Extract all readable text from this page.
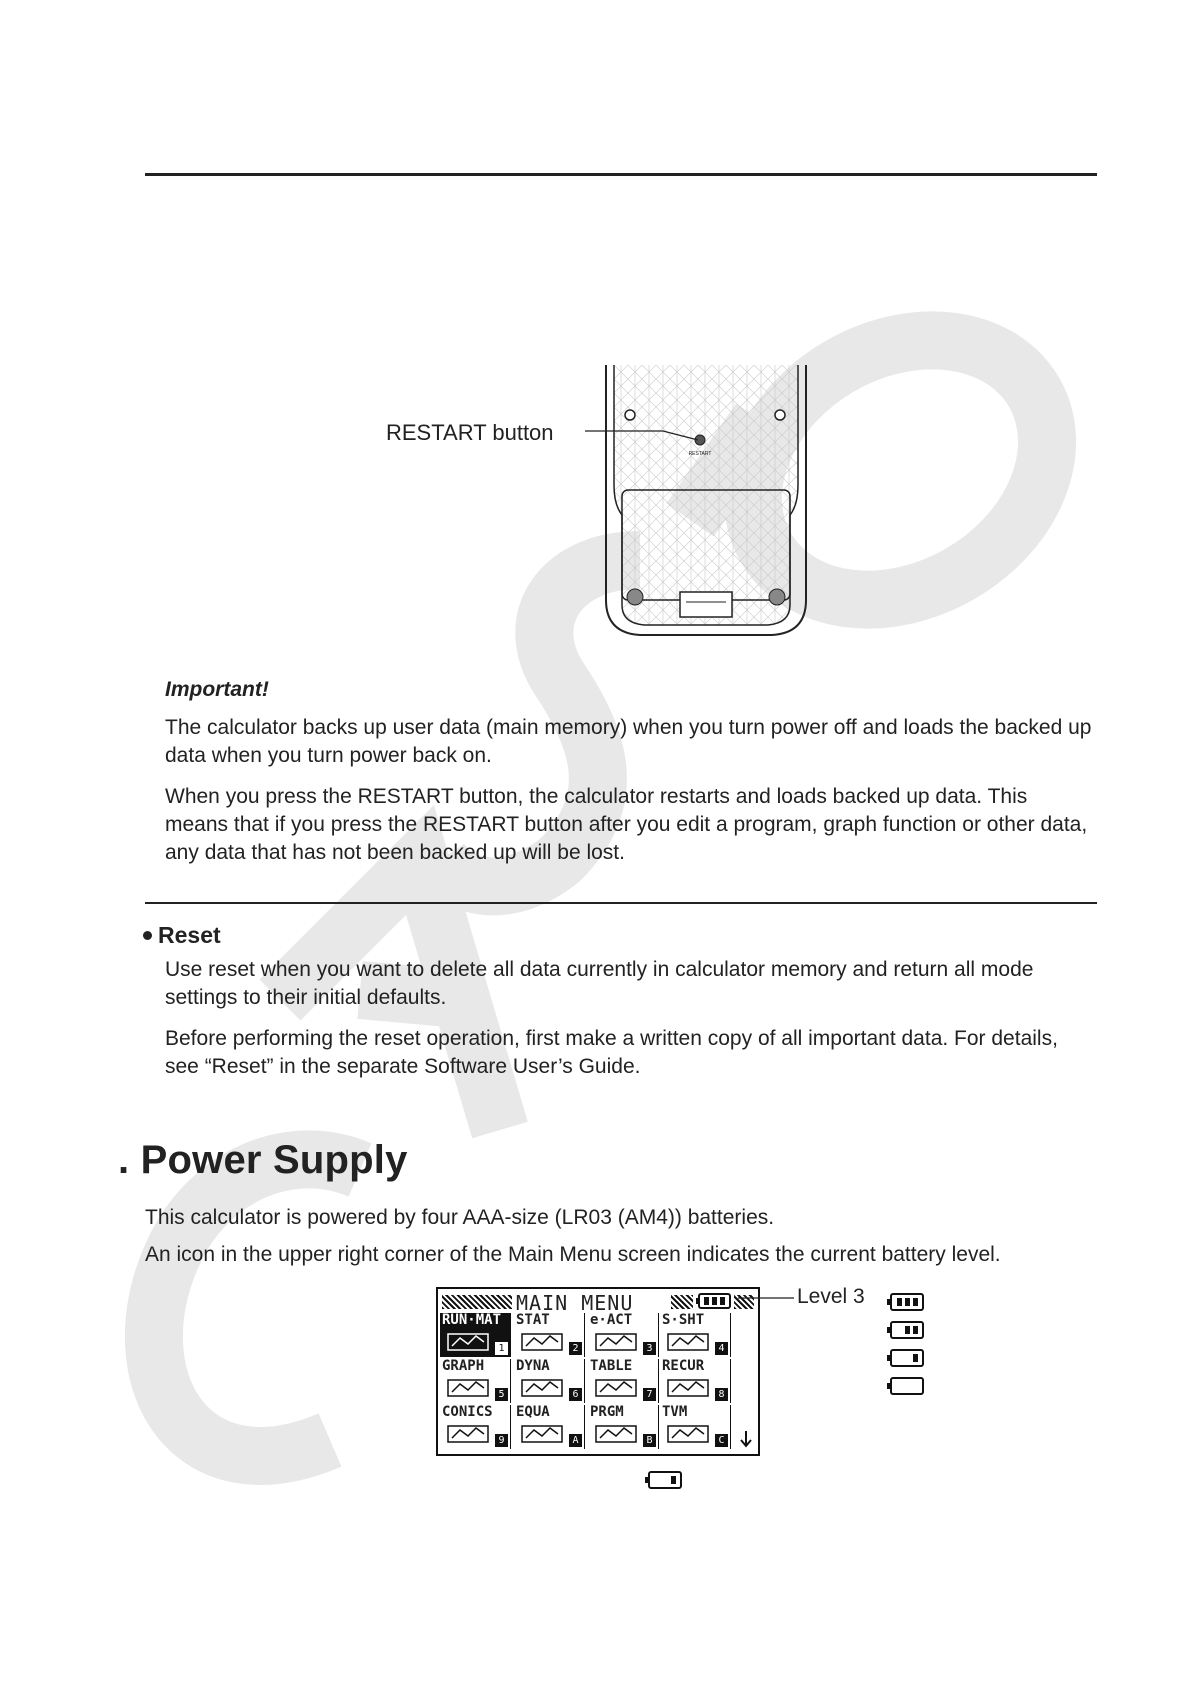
RESTART
RESTART button
Important!

The calculator backs up user data (main memory) when you turn power off and loads the backed up data when you turn power back on.

When you press the RESTART button, the calculator restarts and loads backed up data. This means that if you press the RESTART button after you edit a program, graph function or other data, any data that has not been backed up will be lost.

Reset

Use reset when you want to delete all data currently in calculator memory and return all mode settings to their initial defaults.

Before performing the reset operation, first make a written copy of all important data. For details, see “Reset” in the separate Software User’s Guide.

. Power Supply

This calculator is powered by four AAA-size (LR03 (AM4)) batteries.

An icon in the upper right corner of the Main Menu screen indicates the current battery level.

MAIN MENU
RUN·MAT
1
STAT
2
e·ACT
3
S·SHT
4
GRAPH
5
DYNA
6
TABLE
7
RECUR
8
CONICS
9
EQUA
A
PRGM
B
TVM
C
Level 3
